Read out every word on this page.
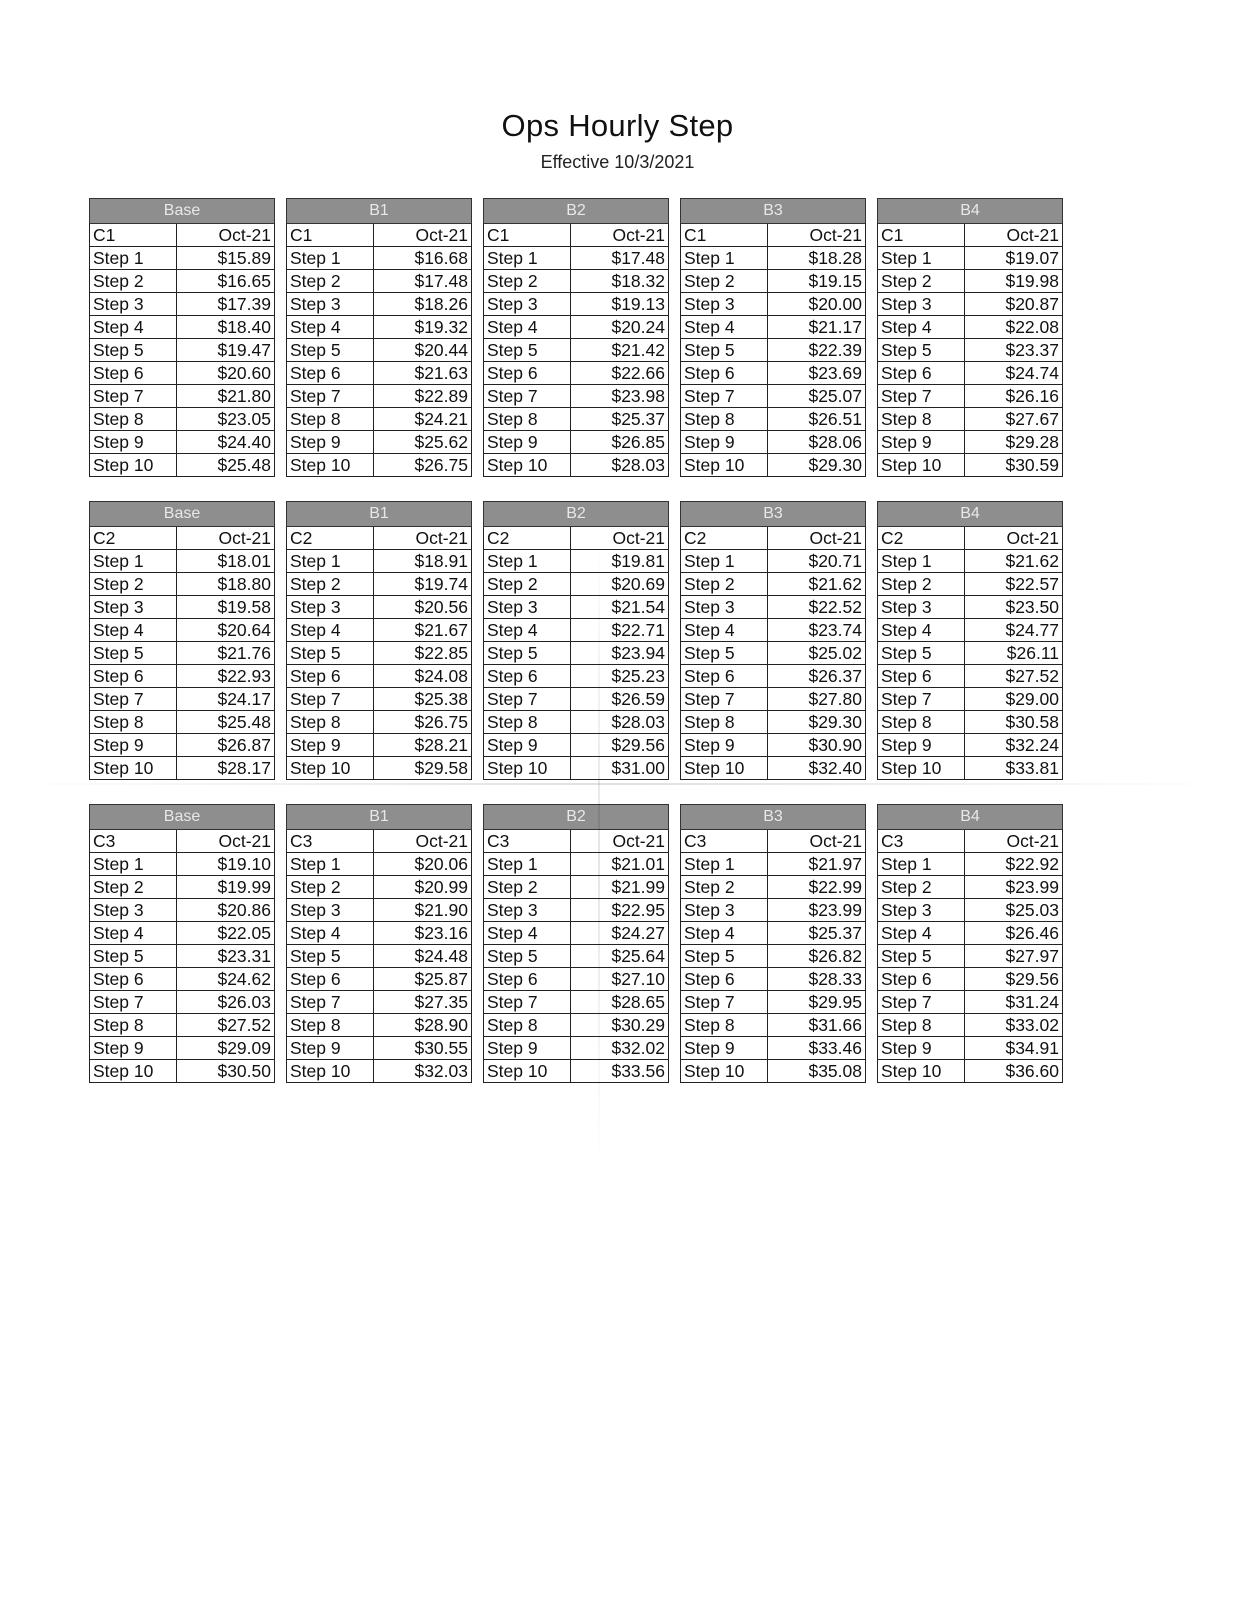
Ops Hourly Step
Effective 10/3/2021
Base	
C1	Oct-21
Step 1	$15.89
Step 2	$16.65
Step 3	$17.39
Step 4	$18.40
Step 5	$19.47
Step 6	$20.60
Step 7	$21.80
Step 8	$23.05
Step 9	$24.40
Step 10	$25.48
B1	
C1	Oct-21
Step 1	$16.68
Step 2	$17.48
Step 3	$18.26
Step 4	$19.32
Step 5	$20.44
Step 6	$21.63
Step 7	$22.89
Step 8	$24.21
Step 9	$25.62
Step 10	$26.75
B2	
C1	Oct-21
Step 1	$17.48
Step 2	$18.32
Step 3	$19.13
Step 4	$20.24
Step 5	$21.42
Step 6	$22.66
Step 7	$23.98
Step 8	$25.37
Step 9	$26.85
Step 10	$28.03
B3	
C1	Oct-21
Step 1	$18.28
Step 2	$19.15
Step 3	$20.00
Step 4	$21.17
Step 5	$22.39
Step 6	$23.69
Step 7	$25.07
Step 8	$26.51
Step 9	$28.06
Step 10	$29.30
B4	
C1	Oct-21
Step 1	$19.07
Step 2	$19.98
Step 3	$20.87
Step 4	$22.08
Step 5	$23.37
Step 6	$24.74
Step 7	$26.16
Step 8	$27.67
Step 9	$29.28
Step 10	$30.59
Base	
C2	Oct-21
Step 1	$18.01
Step 2	$18.80
Step 3	$19.58
Step 4	$20.64
Step 5	$21.76
Step 6	$22.93
Step 7	$24.17
Step 8	$25.48
Step 9	$26.87
Step 10	$28.17
B1	
C2	Oct-21
Step 1	$18.91
Step 2	$19.74
Step 3	$20.56
Step 4	$21.67
Step 5	$22.85
Step 6	$24.08
Step 7	$25.38
Step 8	$26.75
Step 9	$28.21
Step 10	$29.58
B2	
C2	Oct-21
Step 1	$19.81
Step 2	$20.69
Step 3	$21.54
Step 4	$22.71
Step 5	$23.94
Step 6	$25.23
Step 7	$26.59
Step 8	$28.03
Step 9	$29.56
Step 10	$31.00
B3	
C2	Oct-21
Step 1	$20.71
Step 2	$21.62
Step 3	$22.52
Step 4	$23.74
Step 5	$25.02
Step 6	$26.37
Step 7	$27.80
Step 8	$29.30
Step 9	$30.90
Step 10	$32.40
B4	
C2	Oct-21
Step 1	$21.62
Step 2	$22.57
Step 3	$23.50
Step 4	$24.77
Step 5	$26.11
Step 6	$27.52
Step 7	$29.00
Step 8	$30.58
Step 9	$32.24
Step 10	$33.81
Base	
C3	Oct-21
Step 1	$19.10
Step 2	$19.99
Step 3	$20.86
Step 4	$22.05
Step 5	$23.31
Step 6	$24.62
Step 7	$26.03
Step 8	$27.52
Step 9	$29.09
Step 10	$30.50
B1	
C3	Oct-21
Step 1	$20.06
Step 2	$20.99
Step 3	$21.90
Step 4	$23.16
Step 5	$24.48
Step 6	$25.87
Step 7	$27.35
Step 8	$28.90
Step 9	$30.55
Step 10	$32.03
B2	
C3	Oct-21
Step 1	$21.01
Step 2	$21.99
Step 3	$22.95
Step 4	$24.27
Step 5	$25.64
Step 6	$27.10
Step 7	$28.65
Step 8	$30.29
Step 9	$32.02
Step 10	$33.56
B3	
C3	Oct-21
Step 1	$21.97
Step 2	$22.99
Step 3	$23.99
Step 4	$25.37
Step 5	$26.82
Step 6	$28.33
Step 7	$29.95
Step 8	$31.66
Step 9	$33.46
Step 10	$35.08
B4	
C3	Oct-21
Step 1	$22.92
Step 2	$23.99
Step 3	$25.03
Step 4	$26.46
Step 5	$27.97
Step 6	$29.56
Step 7	$31.24
Step 8	$33.02
Step 9	$34.91
Step 10	$36.60
